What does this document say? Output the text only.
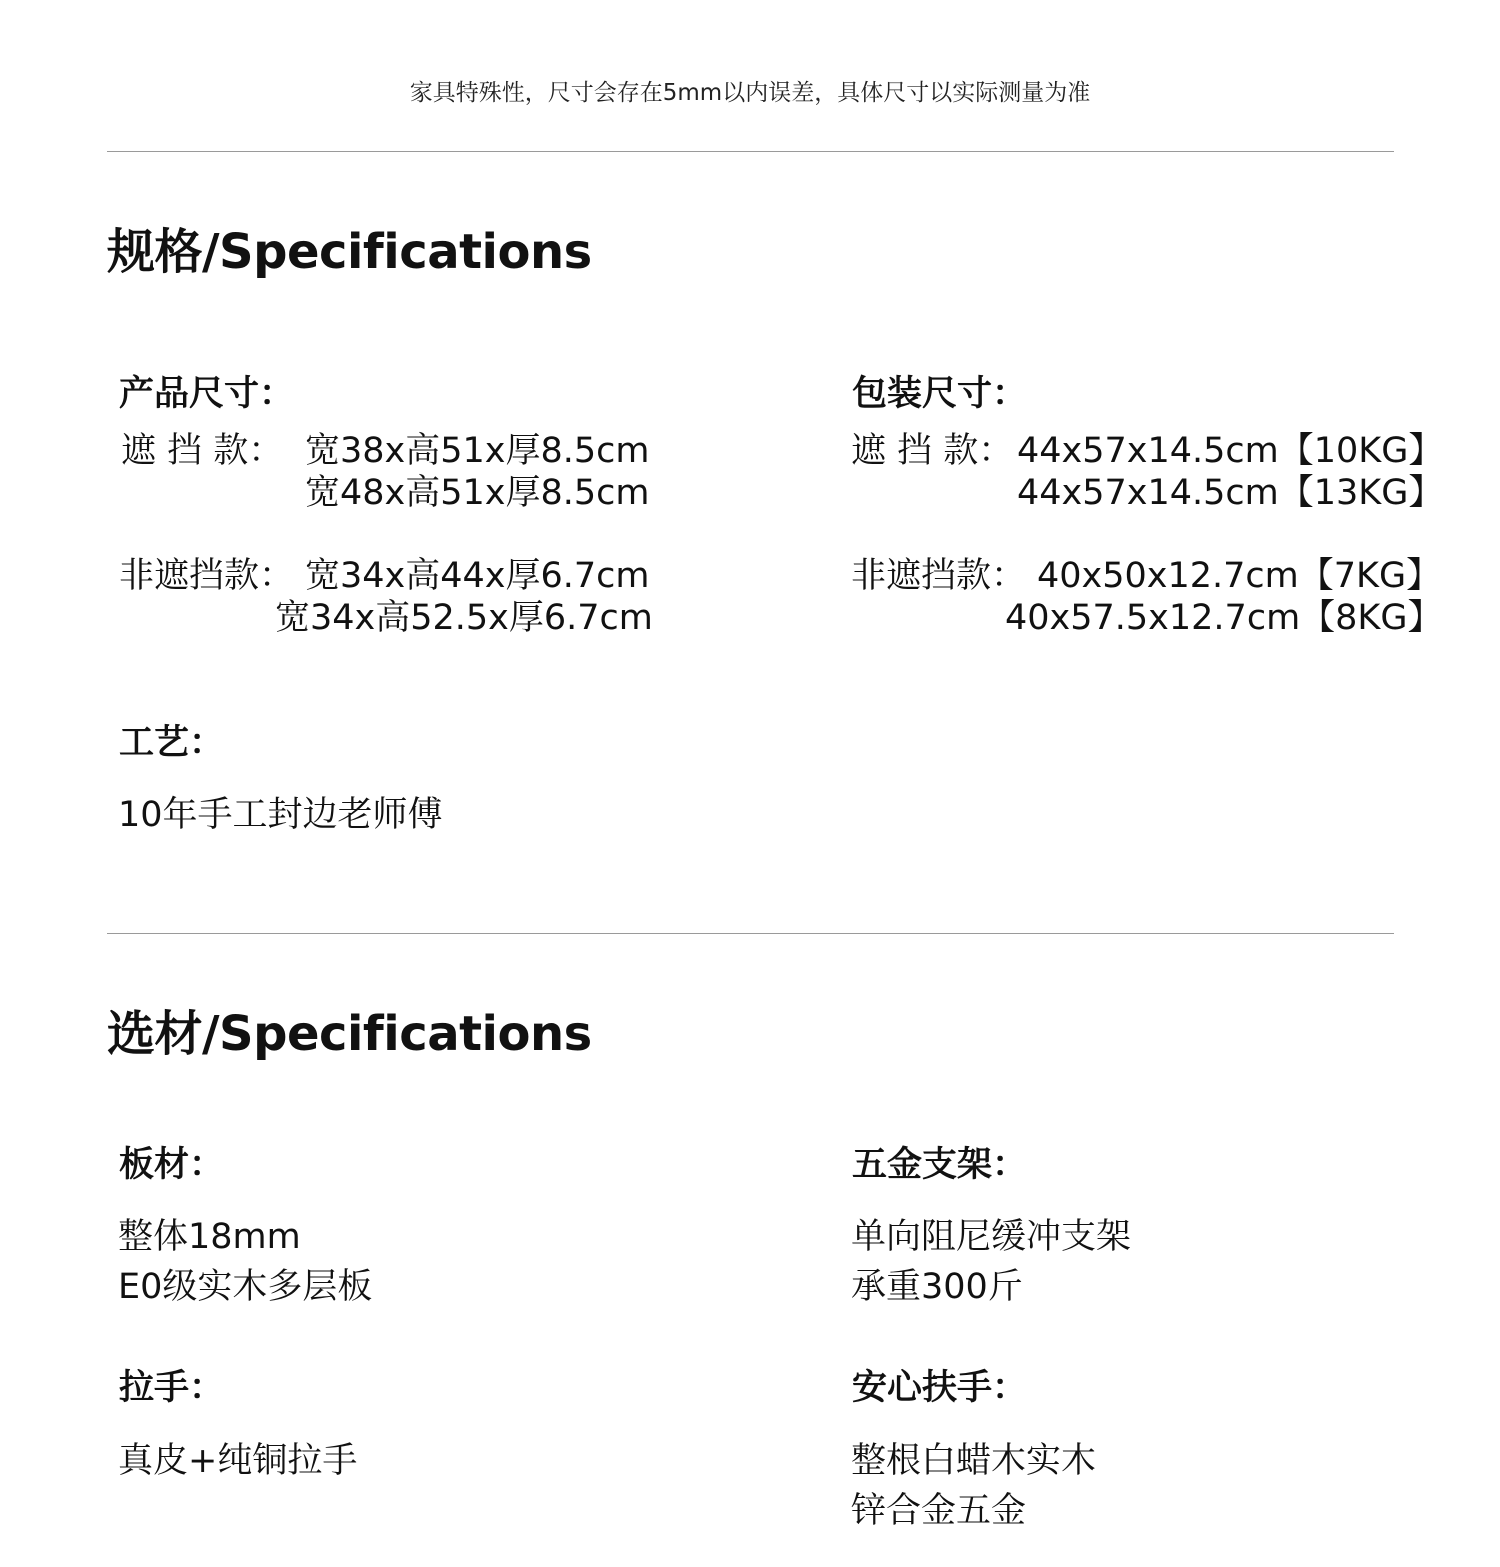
家具特殊性，尺寸会存在5mm以内误差，具体尺寸以实际测量为准
规格/Specifications
产品尺寸：
遮 挡 款： 宽38x高51x厚8.5cm
宽48x高51x厚8.5cm
非遮挡款： 宽34x高44x厚6.7cm
宽34x高52.5x厚6.7cm
包装尺寸：
遮 挡 款： 44x57x14.5cm【10KG】
44x57x14.5cm【13KG】
非遮挡款： 40x50x12.7cm【7KG】
40x57.5x12.7cm【8KG】
工艺：
10年手工封边老师傅
选材/Specifications
板材：
整体18mm
E0级实木多层板
五金支架：
单向阻尼缓冲支架
承重300斤
拉手：
真皮+纯铜拉手
安心扶手：
整根白蜡木实木
锌合金五金
